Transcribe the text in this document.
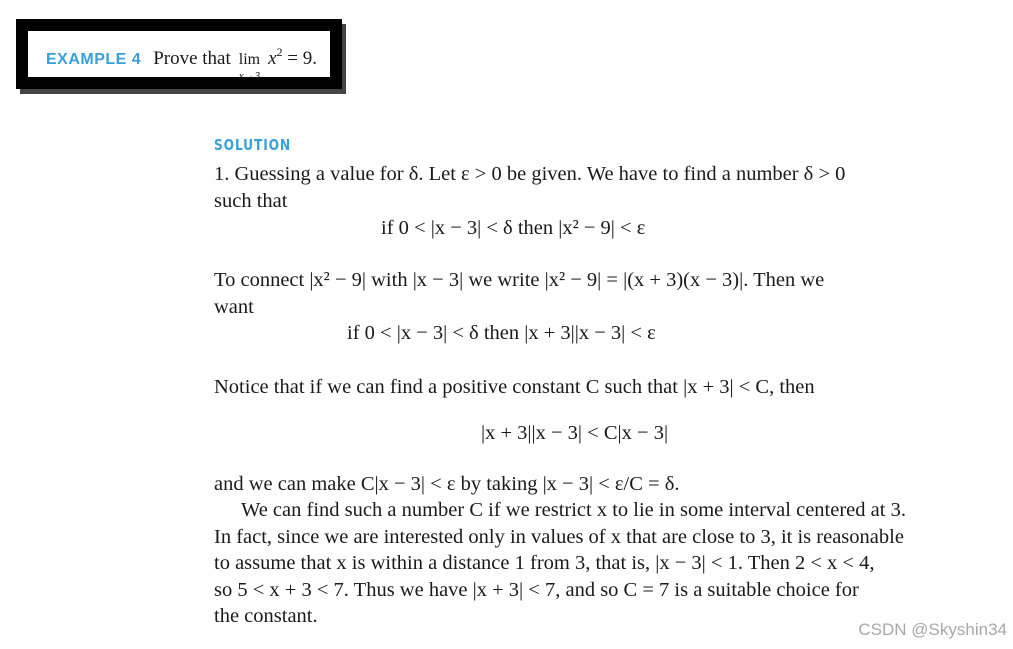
EXAMPLE 4 Prove that lim
x→3
$x^2 = 9$.
SOLUTION
1. Guessing a value for δ. Let ε > 0 be given. We have to find a number δ > 0
such that
if 0 < |x − 3| < δ then |x² − 9| < ε
To connect |x² − 9| with |x − 3| we write |x² − 9| = |(x + 3)(x − 3)|. Then we
want
if 0 < |x − 3| < δ then |x + 3||x − 3| < ε
Notice that if we can find a positive constant C such that |x + 3| < C, then
|x + 3||x − 3| < C|x − 3|
and we can make C|x − 3| < ε by taking |x − 3| < ε/C = δ.
We can find such a number C if we restrict x to lie in some interval centered at 3.
In fact, since we are interested only in values of x that are close to 3, it is reasonable
to assume that x is within a distance 1 from 3, that is, |x − 3| < 1. Then 2 < x < 4,
so 5 < x + 3 < 7. Thus we have |x + 3| < 7, and so C = 7 is a suitable choice for
the constant.
CSDN @Skyshin34
